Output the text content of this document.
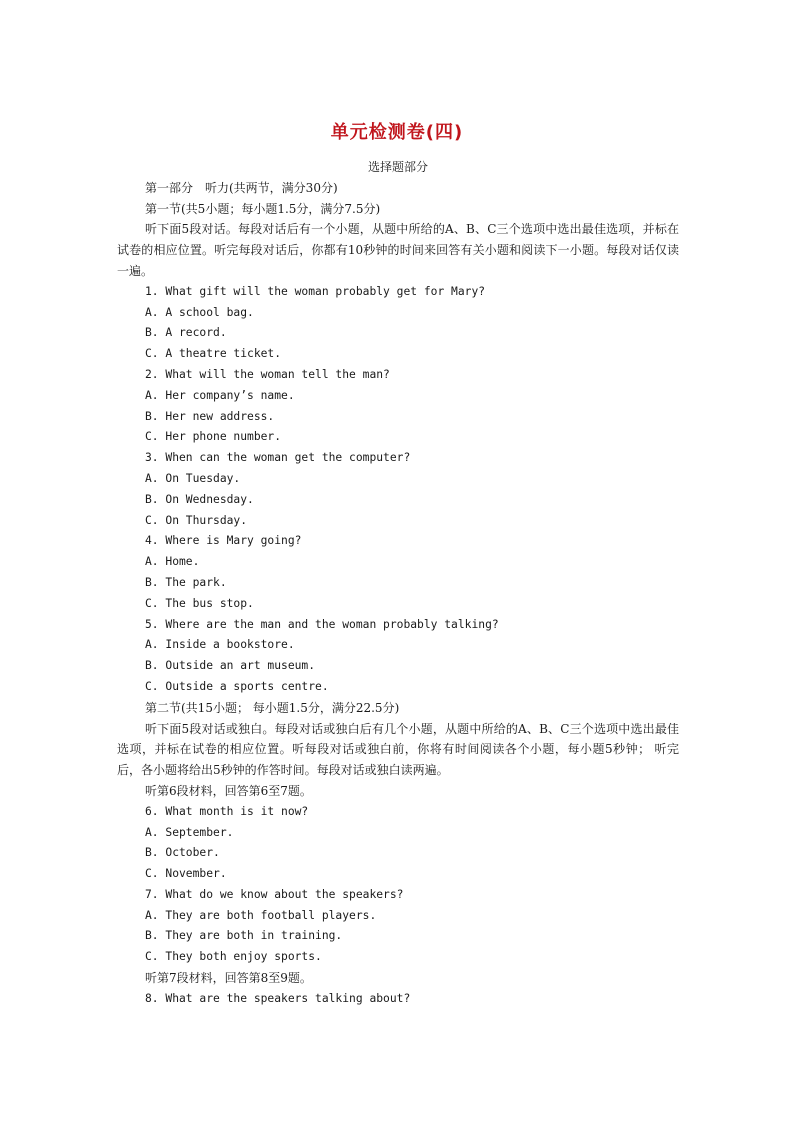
单元检测卷(四)
选择题部分
第一部分　听力(共两节，满分30分)
第一节(共5小题；每小题1.5分，满分7.5分)
听下面5段对话。每段对话后有一个小题，从题中所给的A、B、C三个选项中选出最佳选项，并标在试卷的相应位置。听完每段对话后，你都有10秒钟的时间来回答有关小题和阅读下一小题。每段对话仅读一遍。
1. What gift will the woman probably get for Mary?
A. A school bag.
B. A record.
C. A theatre ticket.
2. What will the woman tell the man?
A. Her company’s name.
B. Her new address.
C. Her phone number.
3. When can the woman get the computer?
A. On Tuesday.
B. On Wednesday.
C. On Thursday.
4. Where is Mary going?
A. Home.
B. The park.
C. The bus stop.
5. Where are the man and the woman probably talking?
A. Inside a bookstore.
B. Outside an art museum.
C. Outside a sports centre.
第二节(共15小题； 每小题1.5分，满分22.5分)
听下面5段对话或独白。每段对话或独白后有几个小题，从题中所给的A、B、C三个选项中选出最佳选项，并标在试卷的相应位置。听每段对话或独白前，你将有时间阅读各个小题，每小题5秒钟； 听完后，各小题将给出5秒钟的作答时间。每段对话或独白读两遍。
听第6段材料，回答第6至7题。
6. What month is it now?
A. September.
B. October.
C. November.
7. What do we know about the speakers?
A. They are both football players.
B. They are both in training.
C. They both enjoy sports.
听第7段材料，回答第8至9题。
8. What are the speakers talking about?
